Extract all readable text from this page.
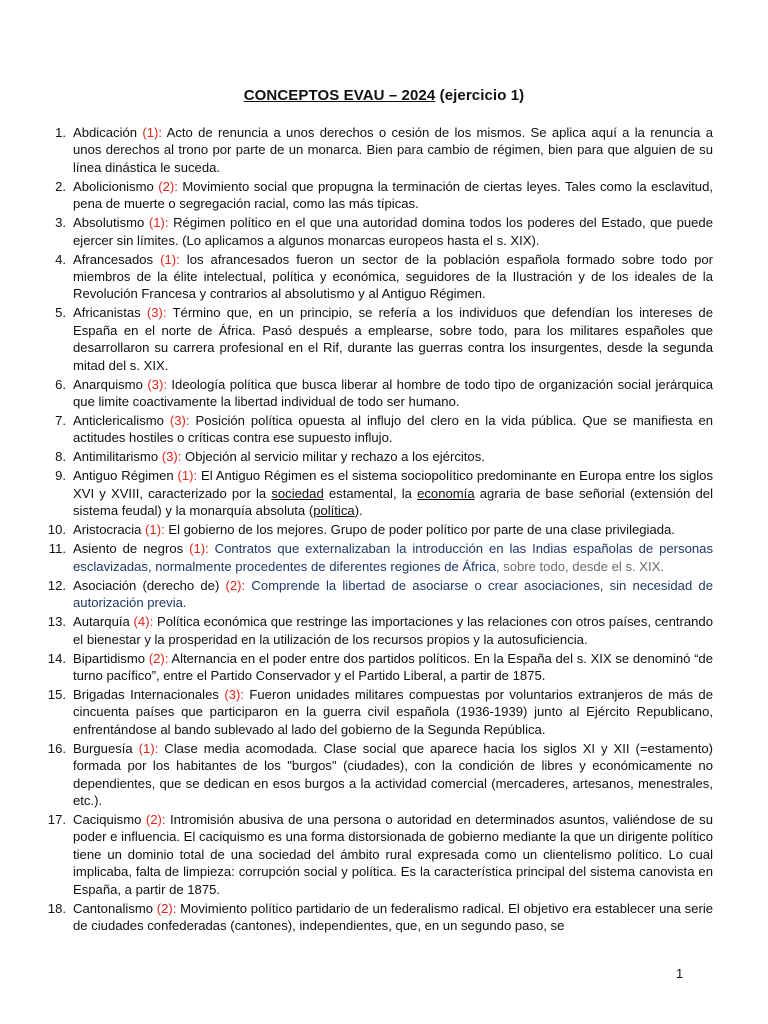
CONCEPTOS EVAU – 2024 (ejercicio 1)
1. Abdicación (1): Acto de renuncia a unos derechos o cesión de los mismos. Se aplica aquí a la renuncia a unos derechos al trono por parte de un monarca. Bien para cambio de régimen, bien para que alguien de su línea dinástica le suceda.
2. Abolicionismo (2): Movimiento social que propugna la terminación de ciertas leyes. Tales como la esclavitud, pena de muerte o segregación racial, como las más típicas.
3. Absolutismo (1): Régimen político en el que una autoridad domina todos los poderes del Estado, que puede ejercer sin límites. (Lo aplicamos a algunos monarcas europeos hasta el s. XIX).
4. Afrancesados (1): los afrancesados fueron un sector de la población española formado sobre todo por miembros de la élite intelectual, política y económica, seguidores de la Ilustración y de los ideales de la Revolución Francesa y contrarios al absolutismo y al Antiguo Régimen.
5. Africanistas (3): Término que, en un principio, se refería a los individuos que defendían los intereses de España en el norte de África. Pasó después a emplearse, sobre todo, para los militares españoles que desarrollaron su carrera profesional en el Rif, durante las guerras contra los insurgentes, desde la segunda mitad del s. XIX.
6. Anarquismo (3): Ideología política que busca liberar al hombre de todo tipo de organización social jerárquica que limite coactivamente la libertad individual de todo ser humano.
7. Anticlericalismo (3): Posición política opuesta al influjo del clero en la vida pública. Que se manifiesta en actitudes hostiles o críticas contra ese supuesto influjo.
8. Antimilitarismo (3): Objeción al servicio militar y rechazo a los ejércitos.
9. Antiguo Régimen (1): El Antiguo Régimen es el sistema sociopolítico predominante en Europa entre los siglos XVI y XVIII, caracterizado por la sociedad estamental, la economía agraria de base señorial (extensión del sistema feudal) y la monarquía absoluta (política).
10. Aristocracia (1): El gobierno de los mejores. Grupo de poder político por parte de una clase privilegiada.
11. Asiento de negros (1): Contratos que externalizaban la introducción en las Indias españolas de personas esclavizadas, normalmente procedentes de diferentes regiones de África, sobre todo, desde el s. XIX.
12. Asociación (derecho de) (2): Comprende la libertad de asociarse o crear asociaciones, sin necesidad de autorización previa.
13. Autarquía (4): Política económica que restringe las importaciones y las relaciones con otros países, centrando el bienestar y la prosperidad en la utilización de los recursos propios y la autosuficiencia.
14. Bipartidismo (2): Alternancia en el poder entre dos partidos políticos. En la España del s. XIX se denominó “de turno pacífico”, entre el Partido Conservador y el Partido Liberal, a partir de 1875.
15. Brigadas Internacionales (3): Fueron unidades militares compuestas por voluntarios extranjeros de más de cincuenta países que participaron en la guerra civil española (1936-1939) junto al Ejército Republicano, enfrentándose al bando sublevado al lado del gobierno de la Segunda República.
16. Burguesía (1): Clase media acomodada. Clase social que aparece hacia los siglos XI y XII (=estamento) formada por los habitantes de los "burgos" (ciudades), con la condición de libres y económicamente no dependientes, que se dedican en esos burgos a la actividad comercial (mercaderes, artesanos, menestrales, etc.).
17. Caciquismo (2): Intromisión abusiva de una persona o autoridad en determinados asuntos, valiéndose de su poder e influencia. El caciquismo es una forma distorsionada de gobierno mediante la que un dirigente político tiene un dominio total de una sociedad del ámbito rural expresada como un clientelismo político. Lo cual implicaba, falta de limpieza: corrupción social y política. Es la característica principal del sistema canovista en España, a partir de 1875.
18. Cantonalismo (2): Movimiento político partidario de un federalismo radical. El objetivo era establecer una serie de ciudades confederadas (cantones), independientes, que, en un segundo paso, se
1
